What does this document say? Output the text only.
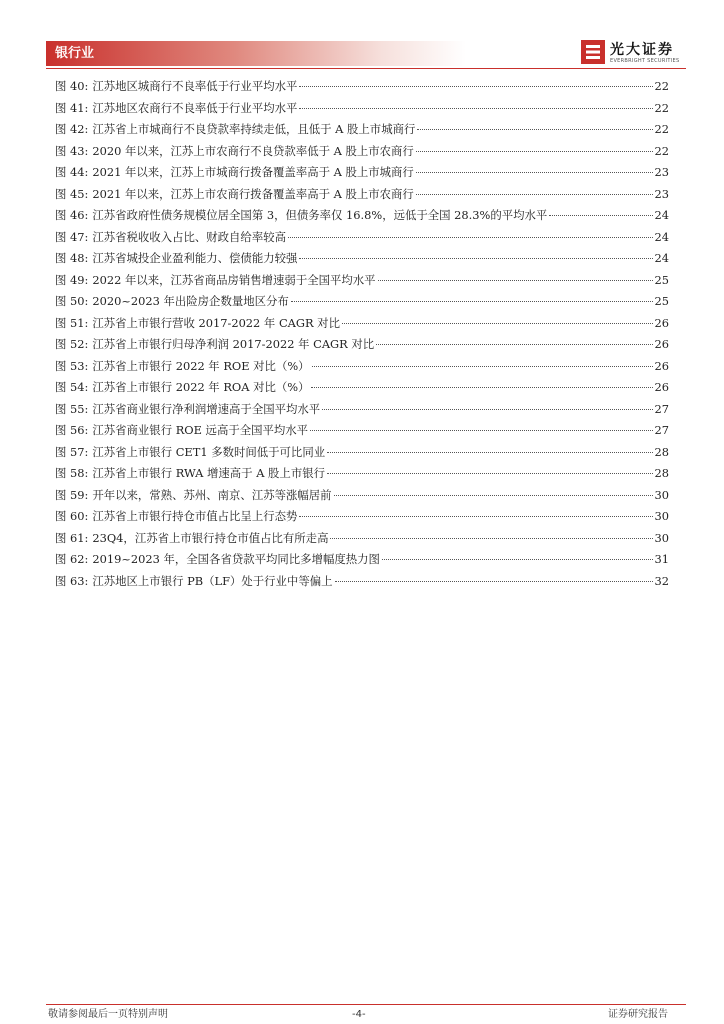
银行业	光大证券
EVERBRIGHT SECURITIES
图 40: 江苏地区城商行不良率低于行业平均水平	22
图 41: 江苏地区农商行不良率低于行业平均水平	22
图 42: 江苏省上市城商行不良贷款率持续走低，且低于 A 股上市城商行	22
图 43: 2020 年以来，江苏上市农商行不良贷款率低于 A 股上市农商行	22
图 44: 2021 年以来，江苏上市城商行拨备覆盖率高于 A 股上市城商行	23
图 45: 2021 年以来，江苏上市农商行拨备覆盖率高于 A 股上市农商行	23
图 46: 江苏省政府性债务规模位居全国第 3，但债务率仅 16.8%，远低于全国 28.3%的平均水平	24
图 47: 江苏省税收收入占比、财政自给率较高	24
图 48: 江苏省城投企业盈利能力、偿债能力较强	24
图 49: 2022 年以来，江苏省商品房销售增速弱于全国平均水平	25
图 50: 2020~2023 年出险房企数量地区分布	25
图 51: 江苏省上市银行营收 2017-2022 年 CAGR 对比	26
图 52: 江苏省上市银行归母净利润 2017-2022 年 CAGR 对比	26
图 53: 江苏省上市银行 2022 年 ROE 对比（%）	26
图 54: 江苏省上市银行 2022 年 ROA 对比（%）	26
图 55: 江苏省商业银行净利润增速高于全国平均水平	27
图 56: 江苏省商业银行 ROE 远高于全国平均水平	27
图 57: 江苏省上市银行 CET1 多数时间低于可比同业	28
图 58: 江苏省上市银行 RWA 增速高于 A 股上市银行	28
图 59: 开年以来，常熟、苏州、南京、江苏等涨幅居前	30
图 60: 江苏省上市银行持仓市值占比呈上行态势	30
图 61: 23Q4，江苏省上市银行持仓市值占比有所走高	30
图 62: 2019~2023 年，全国各省贷款平均同比多增幅度热力图	31
图 63: 江苏地区上市银行 PB（LF）处于行业中等偏上	32
敬请参阅最后一页特别声明	-4-	证券研究报告
